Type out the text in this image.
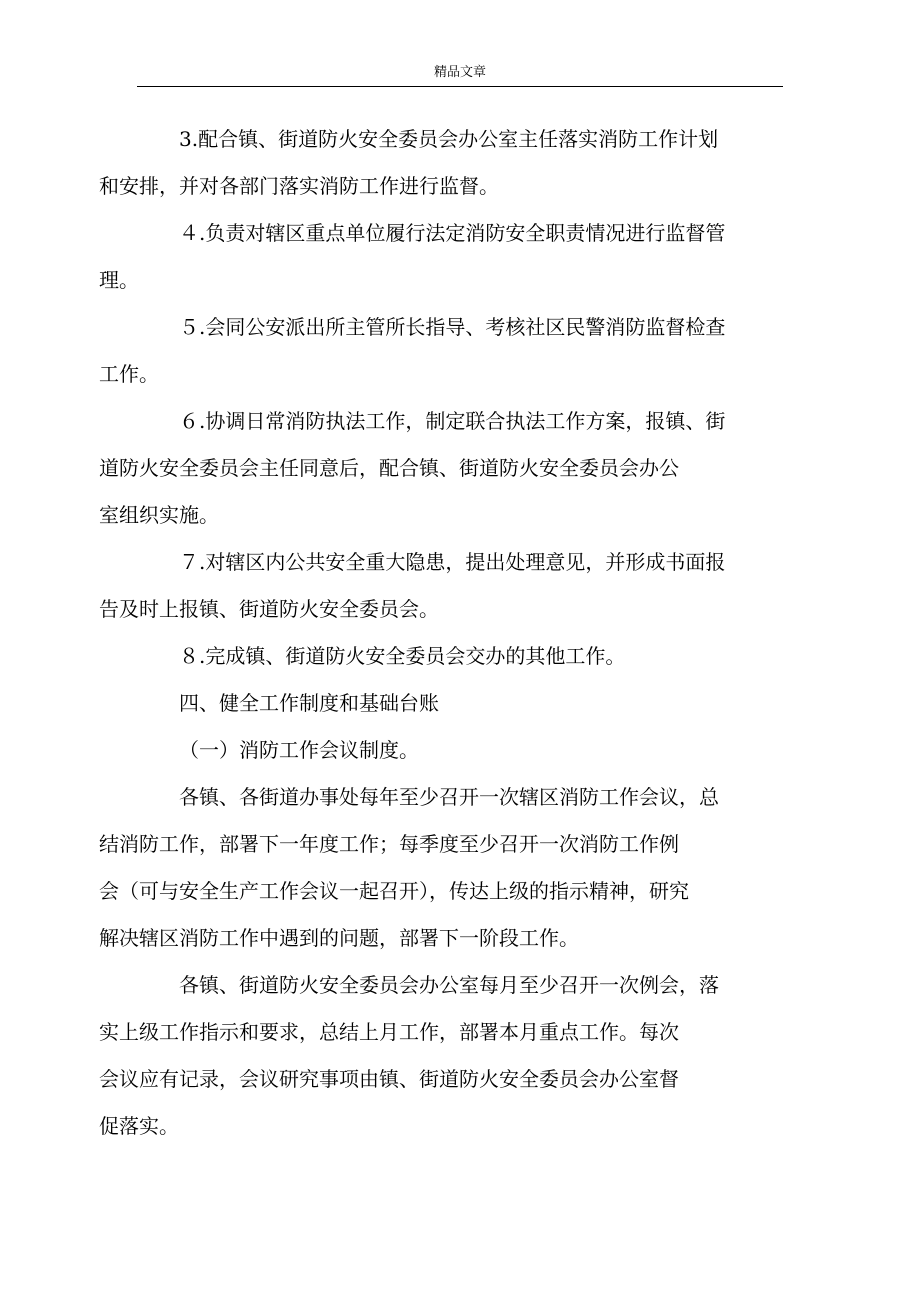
精品文章

3.配合镇、街道防火安全委员会办公室主任落实消防工作计划

和安排，并对各部门落实消防工作进行监督。

４.负责对辖区重点单位履行法定消防安全职责情况进行监督管

理。

５.会同公安派出所主管所长指导、考核社区民警消防监督检查

工作。

６.协调日常消防执法工作，制定联合执法工作方案，报镇、街

道防火安全委员会主任同意后，配合镇、街道防火安全委员会办公
室组织实施。

７.对辖区内公共安全重大隐患，提出处理意见，并形成书面报

告及时上报镇、街道防火安全委员会。

８.完成镇、街道防火安全委员会交办的其他工作。

四、健全工作制度和基础台账

（一）消防工作会议制度。

各镇、各街道办事处每年至少召开一次辖区消防工作会议，总

结消防工作，部署下一年度工作；每季度至少召开一次消防工作例
会（可与安全生产工作会议一起召开），传达上级的指示精神，研究
解决辖区消防工作中遇到的问题，部署下一阶段工作。

各镇、街道防火安全委员会办公室每月至少召开一次例会，落

实上级工作指示和要求，总结上月工作，部署本月重点工作。每次
会议应有记录，会议研究事项由镇、街道防火安全委员会办公室督
促落实。
